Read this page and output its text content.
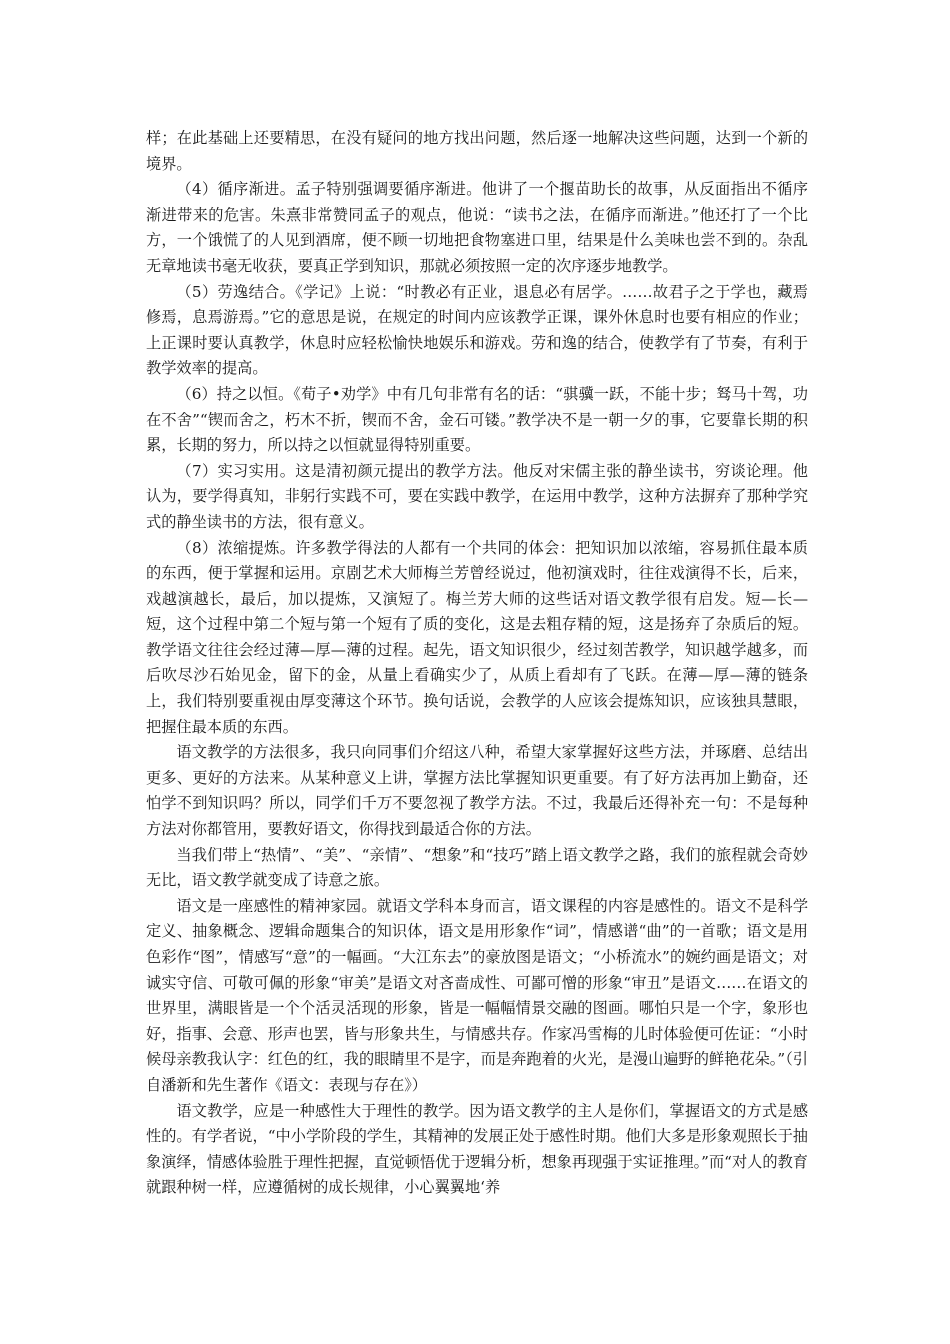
样；在此基础上还要精思，在没有疑问的地方找出问题，然后逐一地解决这些问题，达到一个新的境界。

（4）循序渐进。孟子特别强调要循序渐进。他讲了一个揠苗助长的故事，从反面指出不循序渐进带来的危害。朱熹非常赞同孟子的观点，他说：“读书之法，在循序而渐进。”他还打了一个比方，一个饿慌了的人见到酒席，便不顾一切地把食物塞进口里，结果是什么美味也尝不到的。杂乱无章地读书毫无收获，要真正学到知识，那就必须按照一定的次序逐步地教学。

（5）劳逸结合。《学记》上说：“时教必有正业，退息必有居学。……故君子之于学也，藏焉修焉，息焉游焉。”它的意思是说，在规定的时间内应该教学正课，课外休息时也要有相应的作业；上正课时要认真教学，休息时应轻松愉快地娱乐和游戏。劳和逸的结合，使教学有了节奏，有利于教学效率的提高。

（6）持之以恒。《荀子•劝学》中有几句非常有名的话：“骐骥一跃，不能十步；驽马十驾，功在不舍”“锲而舍之，朽木不折，锲而不舍，金石可镂。”教学决不是一朝一夕的事，它要靠长期的积累，长期的努力，所以持之以恒就显得特别重要。

（7）实习实用。这是清初颜元提出的教学方法。他反对宋儒主张的静坐读书，穷谈论理。他认为，要学得真知，非躬行实践不可，要在实践中教学，在运用中教学，这种方法摒弃了那种学究式的静坐读书的方法，很有意义。

（8）浓缩提炼。许多教学得法的人都有一个共同的体会：把知识加以浓缩，容易抓住最本质的东西，便于掌握和运用。京剧艺术大师梅兰芳曾经说过，他初演戏时，往往戏演得不长，后来，戏越演越长，最后，加以提炼，又演短了。梅兰芳大师的这些话对语文教学很有启发。短—长—短，这个过程中第二个短与第一个短有了质的变化，这是去粗存精的短，这是扬弃了杂质后的短。教学语文往往会经过薄—厚—薄的过程。起先，语文知识很少，经过刻苦教学，知识越学越多，而后吹尽沙石始见金，留下的金，从量上看确实少了，从质上看却有了飞跃。在薄—厚—薄的链条上，我们特别要重视由厚变薄这个环节。换句话说，会教学的人应该会提炼知识，应该独具慧眼，把握住最本质的东西。

语文教学的方法很多，我只向同事们介绍这八种，希望大家掌握好这些方法，并琢磨、总结出更多、更好的方法来。从某种意义上讲，掌握方法比掌握知识更重要。有了好方法再加上勤奋，还怕学不到知识吗？所以，同学们千万不要忽视了教学方法。不过，我最后还得补充一句：不是每种方法对你都管用，要教好语文，你得找到最适合你的方法。

当我们带上“热情”、“美”、“亲情”、“想象”和“技巧”踏上语文教学之路，我们的旅程就会奇妙无比，语文教学就变成了诗意之旅。

语文是一座感性的精神家园。就语文学科本身而言，语文课程的内容是感性的。语文不是科学定义、抽象概念、逻辑命题集合的知识体，语文是用形象作“词”，情感谱“曲”的一首歌；语文是用色彩作“图”，情感写“意”的一幅画。“大江东去”的豪放图是语文；“小桥流水”的婉约画是语文；对诚实守信、可敬可佩的形象“审美”是语文对吝啬成性、可鄙可憎的形象“审丑”是语文……在语文的世界里，满眼皆是一个个活灵活现的形象，皆是一幅幅情景交融的图画。哪怕只是一个字，象形也好，指事、会意、形声也罢，皆与形象共生，与情感共存。作家冯雪梅的儿时体验便可佐证：“小时候母亲教我认字：红色的红，我的眼睛里不是字，而是奔跑着的火光，是漫山遍野的鲜艳花朵。”（引自潘新和先生著作《语文：表现与存在》）

语文教学，应是一种感性大于理性的教学。因为语文教学的主人是你们，掌握语文的方式是感性的。有学者说，“中小学阶段的学生，其精神的发展正处于感性时期。他们大多是形象观照长于抽象演绎，情感体验胜于理性把握，直觉顿悟优于逻辑分析，想象再现强于实证推理。”而“对人的教育就跟种树一样，应遵循树的成长规律，小心翼翼地‘养
